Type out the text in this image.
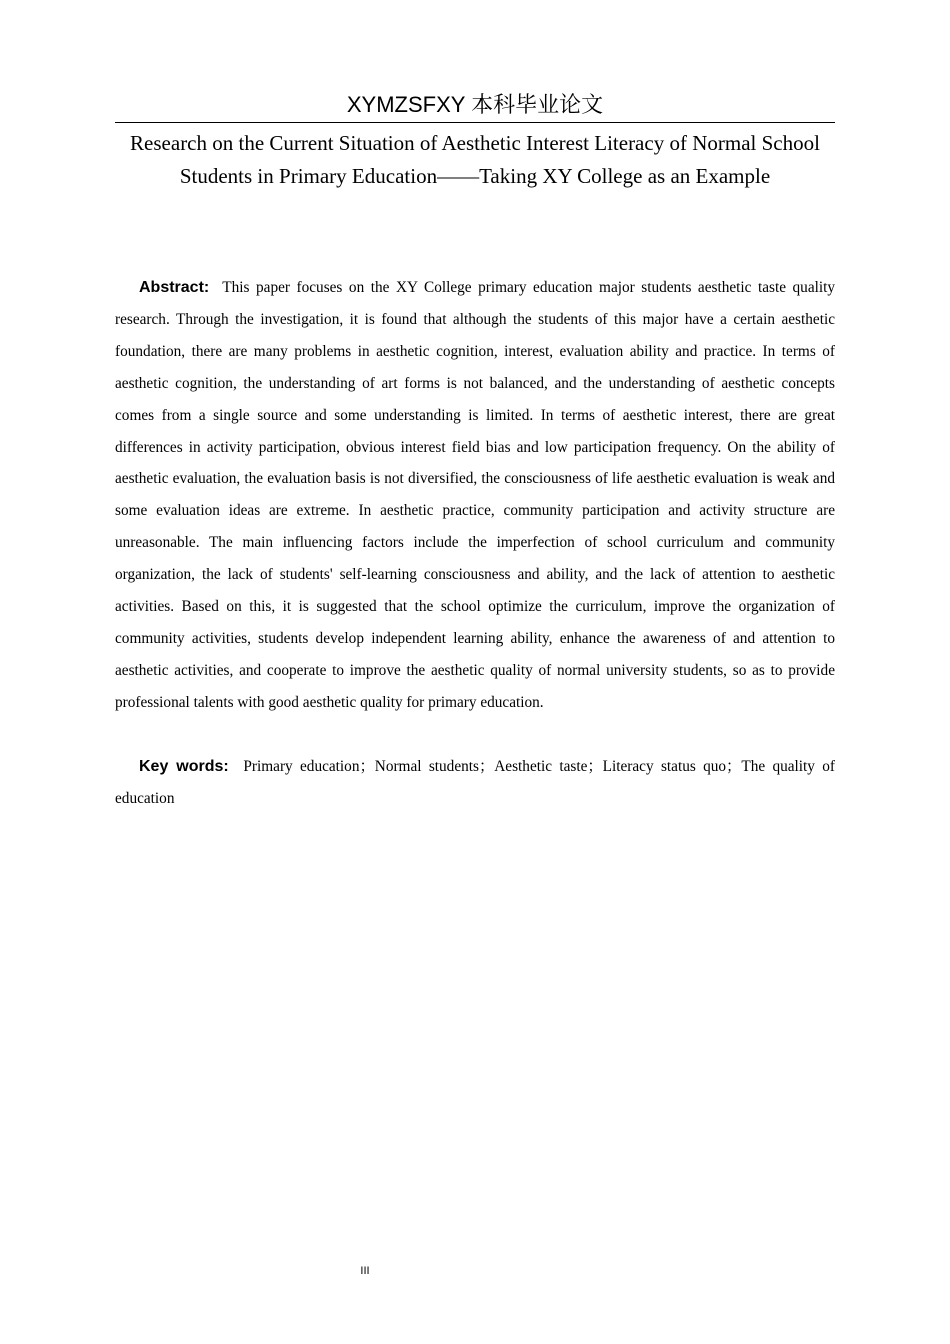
XYMZSFXY 本科毕业论文
Research on the Current Situation of Aesthetic Interest Literacy of Normal School Students in Primary Education——Taking XY College as an Example

Abstract: This paper focuses on the XY College primary education major students aesthetic taste quality research. Through the investigation, it is found that although the students of this major have a certain aesthetic foundation, there are many problems in aesthetic cognition, interest, evaluation ability and practice. In terms of aesthetic cognition, the understanding of art forms is not balanced, and the understanding of aesthetic concepts comes from a single source and some understanding is limited. In terms of aesthetic interest, there are great differences in activity participation, obvious interest field bias and low participation frequency. On the ability of aesthetic evaluation, the evaluation basis is not diversified, the consciousness of life aesthetic evaluation is weak and some evaluation ideas are extreme. In aesthetic practice, community participation and activity structure are unreasonable. The main influencing factors include the imperfection of school curriculum and community organization, the lack of students' self-learning consciousness and ability, and the lack of attention to aesthetic activities. Based on this, it is suggested that the school optimize the curriculum, improve the organization of community activities, students develop independent learning ability, enhance the awareness of and attention to aesthetic activities, and cooperate to improve the aesthetic quality of normal university students, so as to provide professional talents with good aesthetic quality for primary education.

Key words: Primary education；Normal students；Aesthetic taste；Literacy status quo；The quality of education

III
